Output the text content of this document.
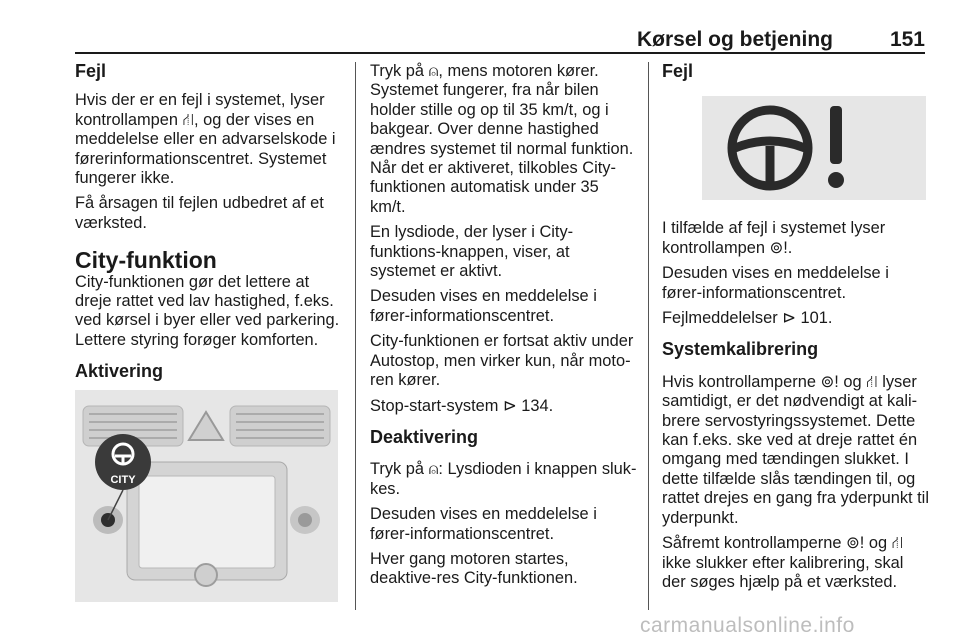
Kørsel og betjening	151
Fejl

Hvis der er en fejl i systemet, lyser kontrollampen ⛙, og der vises en meddelelse eller en advarselskode i førerinformationscentret. Systemet fungerer ikke.

Få årsagen til fejlen udbedret af et værksted.

City-funktion

City-funktionen gør det lettere at dreje rattet ved lav hastighed, f.eks. ved kørsel i byer eller ved parkering. Lettere styring forøger komforten.

Aktivering
CITY

Tryk på ⍝, mens motoren kører. Systemet fungerer, fra når bilen holder stille og op til 35 km/t, og i bakgear. Over denne hastighed ændres systemet til normal funktion. Når det er aktiveret, tilkobles City-funktionen automatisk under 35 km/t.

En lysdiode, der lyser i City-funktions-knappen, viser, at systemet er aktivt.

Desuden vises en meddelelse i fører-informationscentret.

City-funktionen er fortsat aktiv under Autostop, men virker kun, når moto-ren kører.

Stop-start-system ⊳ 134.

Deaktivering

Tryk på ⍝: Lysdioden i knappen sluk-kes.

Desuden vises en meddelelse i fører-informationscentret.

Hver gang motoren startes, deaktive-res City-funktionen.

Fejl

I tilfælde af fejl i systemet lyser kontrollampen ⊚!.

Desuden vises en meddelelse i fører-informationscentret.

Fejlmeddelelser ⊳ 101.

Systemkalibrering

Hvis kontrollamperne ⊚! og ⛙ lyser samtidigt, er det nødvendigt at kali-brere servostyringssystemet. Dette kan f.eks. ske ved at dreje rattet én omgang med tændingen slukket. I dette tilfælde slås tændingen til, og rattet drejes en gang fra yderpunkt til yderpunkt.

Såfremt kontrollamperne ⊚! og ⛙ ikke slukker efter kalibrering, skal der søges hjælp på et værksted.

carmanualsonline.info
